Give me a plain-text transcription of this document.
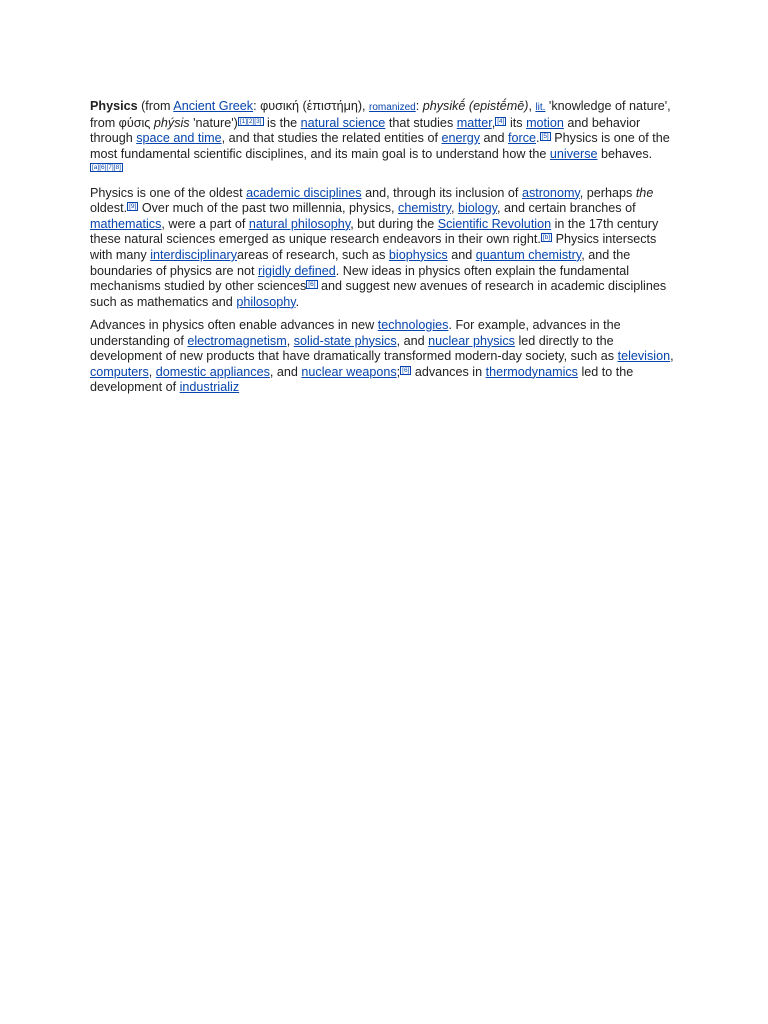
Physics (from Ancient Greek: φυσική (ἐπιστήμη), romanized: physikḗ (epistḗmē), lit. 'knowledge of nature', from φύσις phýsis 'nature') [1][2][3] is the natural science that studies matter, [4] its motion and behavior through space and time, and that studies the related entities of energy and force. [5] Physics is one of the most fundamental scientific disciplines, and its main goal is to understand how the universe behaves.[a][6][7][8]

Physics is one of the oldest academic disciplines and, through its inclusion of astronomy, perhaps the oldest. [9] Over much of the past two millennia, physics, chemistry, biology, and certain branches of mathematics, were a part of natural philosophy, but during the Scientific Revolution in the 17th century these natural sciences emerged as unique research endeavors in their own right. [b] Physics intersects with many interdisciplinaryareas of research, such as biophysics and quantum chemistry, and the boundaries of physics are not rigidly defined. New ideas in physics often explain the fundamental mechanisms studied by other sciences [6] and suggest new avenues of research in academic disciplines such as mathematics and philosophy.

Advances in physics often enable advances in new technologies. For example, advances in the understanding of electromagnetism, solid-state physics, and nuclear physics led directly to the development of new products that have dramatically transformed modern-day society, such as television, computers, domestic appliances, and nuclear weapons; [6] advances in thermodynamics led to the development of industrializ
